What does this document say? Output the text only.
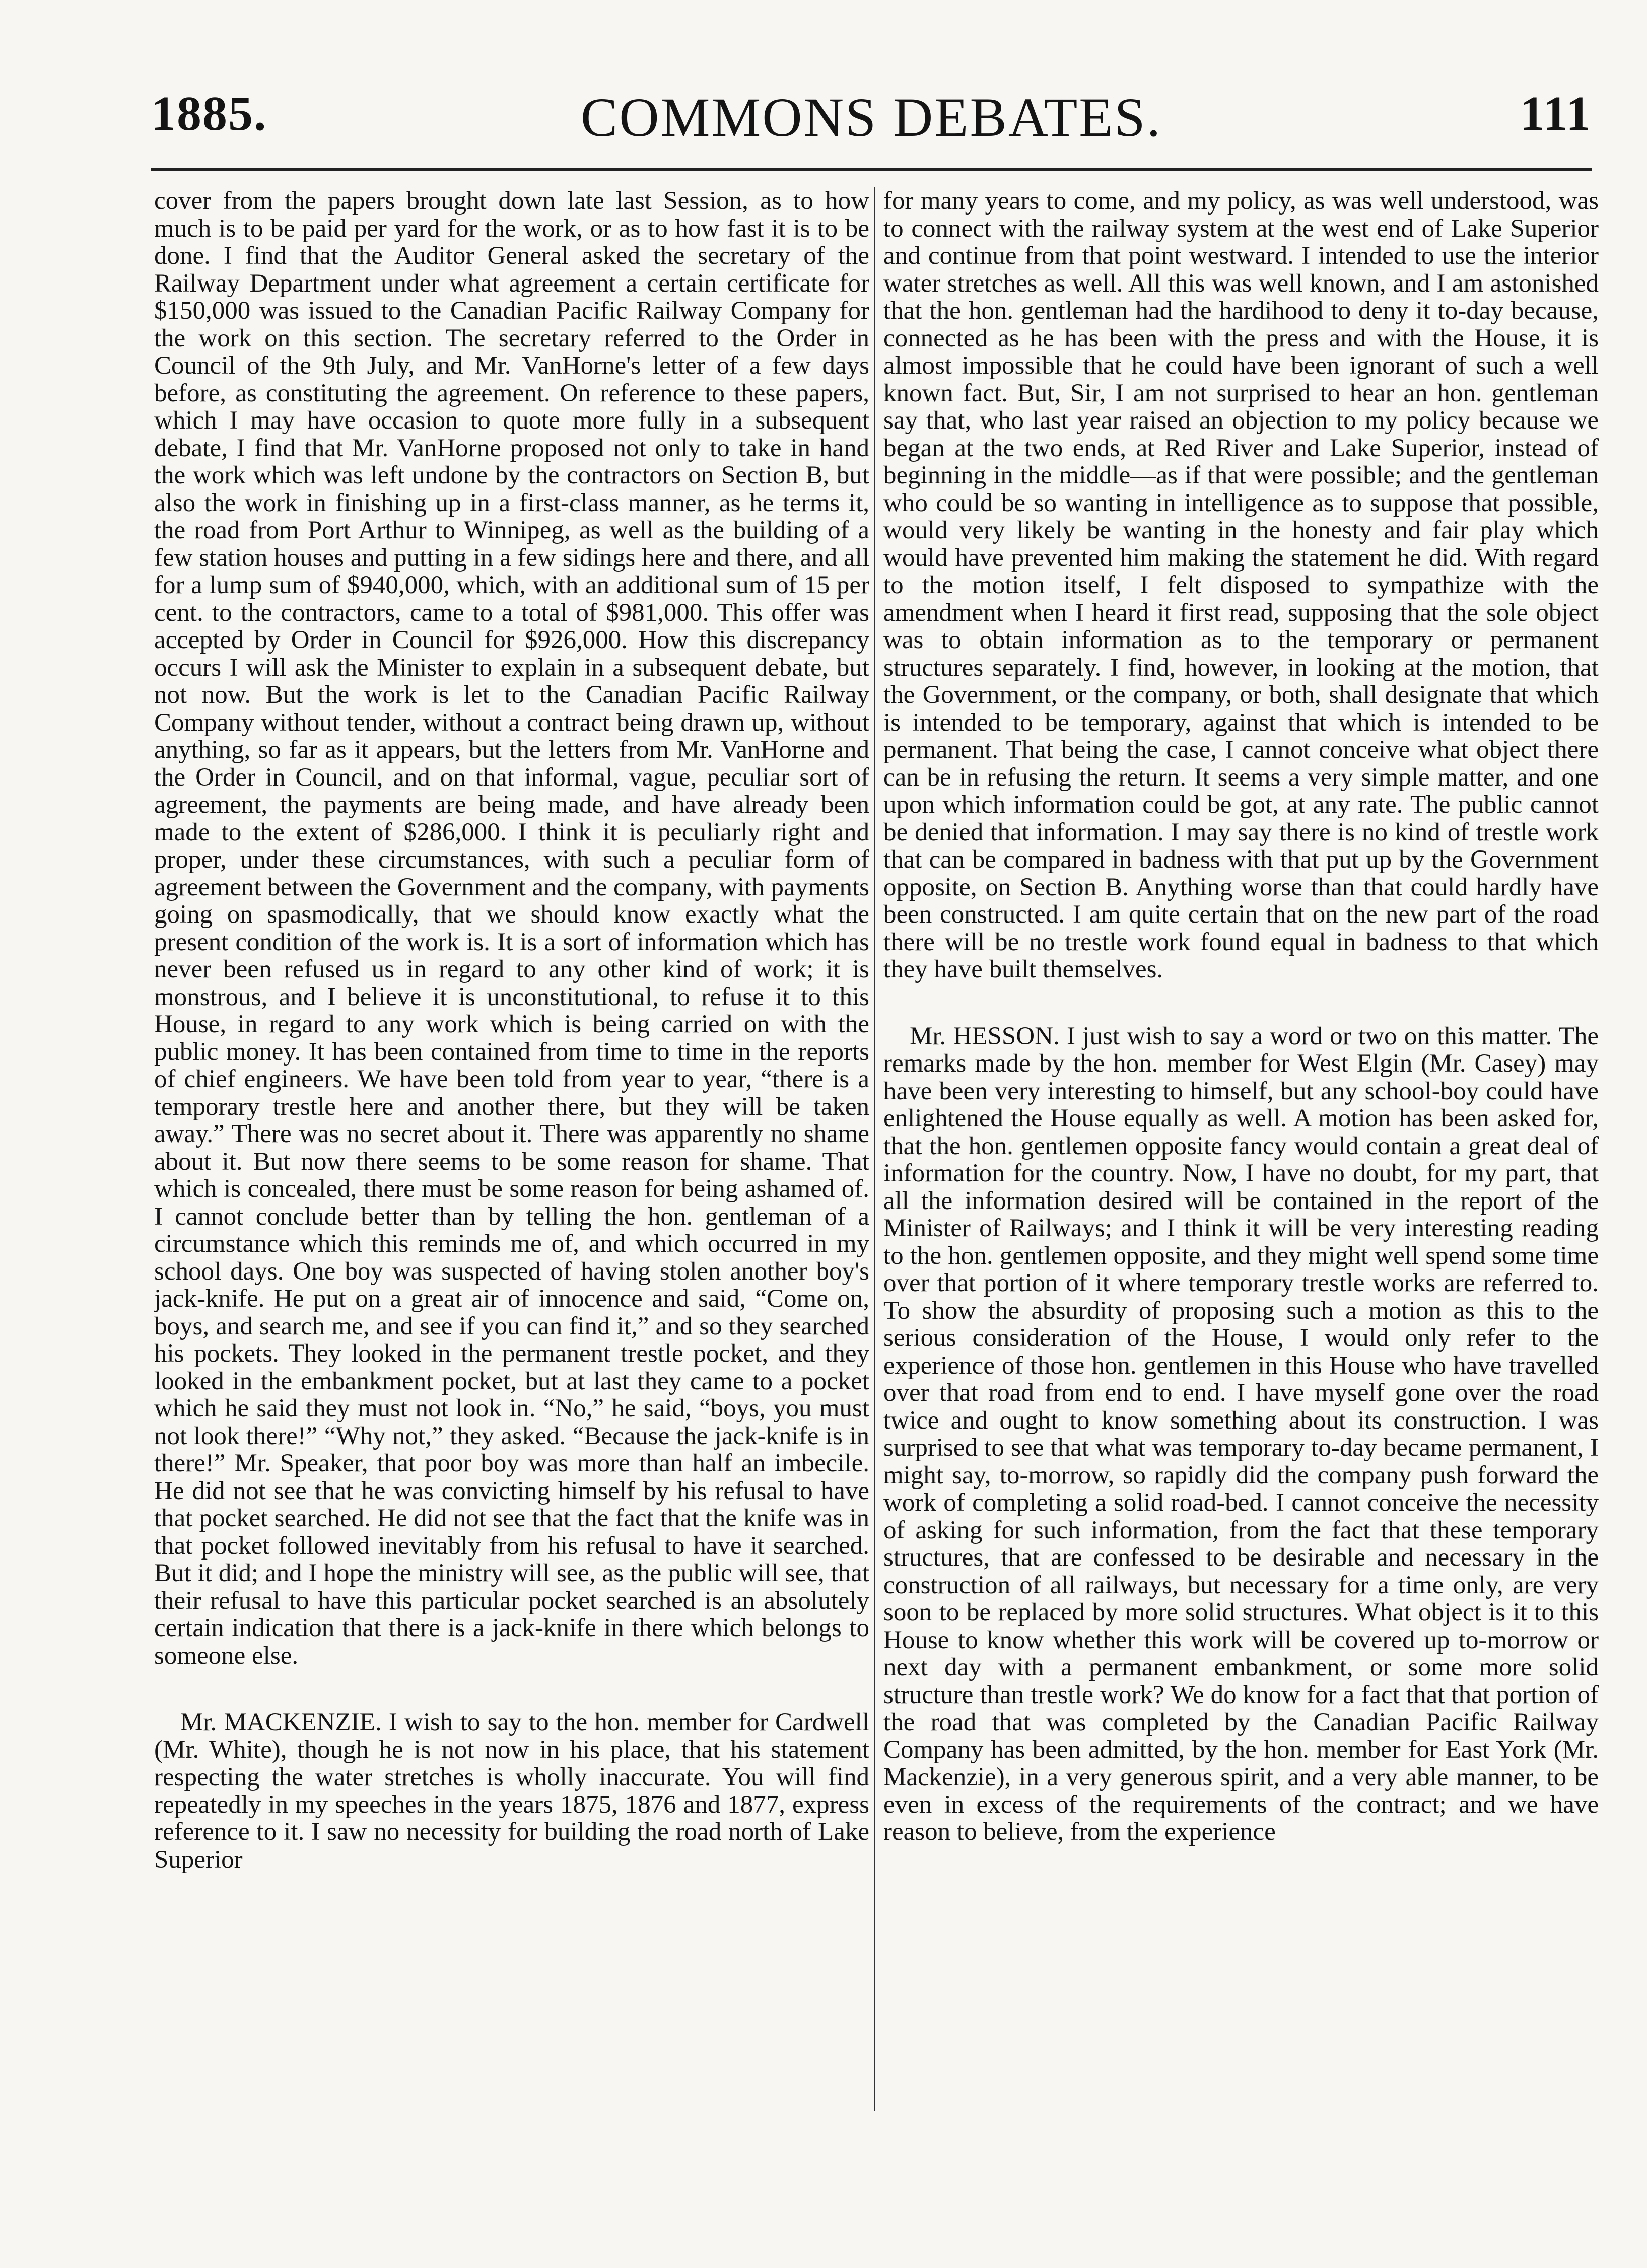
1885.	COMMONS DEBATES.	111

cover from the papers brought down late last Session, as to how much is to be paid per yard for the work, or as to how fast it is to be done. I find that the Auditor General asked the secretary of the Railway Department under what agreement a certain certificate for $150,000 was issued to the Canadian Pacific Railway Company for the work on this section. The secretary referred to the Order in Council of the 9th July, and Mr. VanHorne's letter of a few days before, as constituting the agreement. On reference to these papers, which I may have occasion to quote more fully in a subsequent debate, I find that Mr. VanHorne proposed not only to take in hand the work which was left undone by the contractors on Section B, but also the work in finishing up in a first-class manner, as he terms it, the road from Port Arthur to Winnipeg, as well as the building of a few station houses and putting in a few sidings here and there, and all for a lump sum of $940,000, which, with an additional sum of 15 per cent. to the contractors, came to a total of $981,000. This offer was accepted by Order in Council for $926,000. How this discrepancy occurs I will ask the Minister to explain in a subsequent debate, but not now. But the work is let to the Canadian Pacific Railway Company without tender, without a contract being drawn up, without anything, so far as it appears, but the letters from Mr. VanHorne and the Order in Council, and on that informal, vague, peculiar sort of agreement, the payments are being made, and have already been made to the extent of $286,000. I think it is peculiarly right and proper, under these circumstances, with such a peculiar form of agreement between the Government and the company, with payments going on spasmodically, that we should know exactly what the present condition of the work is. It is a sort of information which has never been refused us in regard to any other kind of work; it is monstrous, and I believe it is unconstitutional, to refuse it to this House, in regard to any work which is being carried on with the public money. It has been contained from time to time in the reports of chief engineers. We have been told from year to year, “there is a temporary trestle here and another there, but they will be taken away.” There was no secret about it. There was apparently no shame about it. But now there seems to be some reason for shame. That which is concealed, there must be some reason for being ashamed of. I cannot conclude better than by telling the hon. gentleman of a circumstance which this reminds me of, and which occurred in my school days. One boy was suspected of having stolen another boy's jack-knife. He put on a great air of innocence and said, “Come on, boys, and search me, and see if you can find it,” and so they searched his pockets. They looked in the permanent trestle pocket, and they looked in the embankment pocket, but at last they came to a pocket which he said they must not look in. “No,” he said, “boys, you must not look there!” “Why not,” they asked. “Because the jack-knife is in there!” Mr. Speaker, that poor boy was more than half an imbecile. He did not see that he was convicting himself by his refusal to have that pocket searched. He did not see that the fact that the knife was in that pocket followed inevitably from his refusal to have it searched. But it did; and I hope the ministry will see, as the public will see, that their refusal to have this particular pocket searched is an absolutely certain indication that there is a jack-knife in there which belongs to someone else.

Mr. MACKENZIE. I wish to say to the hon. member for Cardwell (Mr. White), though he is not now in his place, that his statement respecting the water stretches is wholly inaccurate. You will find repeatedly in my speeches in the years 1875, 1876 and 1877, express reference to it. I saw no necessity for building the road north of Lake Superior

for many years to come, and my policy, as was well understood, was to connect with the railway system at the west end of Lake Superior and continue from that point westward. I intended to use the interior water stretches as well. All this was well known, and I am astonished that the hon. gentleman had the hardihood to deny it to-day because, connected as he has been with the press and with the House, it is almost impossible that he could have been ignorant of such a well known fact. But, Sir, I am not surprised to hear an hon. gentleman say that, who last year raised an objection to my policy because we began at the two ends, at Red River and Lake Superior, instead of beginning in the middle—as if that were possible; and the gentleman who could be so wanting in intelligence as to suppose that possible, would very likely be wanting in the honesty and fair play which would have prevented him making the statement he did. With regard to the motion itself, I felt disposed to sympathize with the amendment when I heard it first read, supposing that the sole object was to obtain information as to the temporary or permanent structures separately. I find, however, in looking at the motion, that the Government, or the company, or both, shall designate that which is intended to be temporary, against that which is intended to be permanent. That being the case, I cannot conceive what object there can be in refusing the return. It seems a very simple matter, and one upon which information could be got, at any rate. The public cannot be denied that information. I may say there is no kind of trestle work that can be compared in badness with that put up by the Government opposite, on Section B. Anything worse than that could hardly have been constructed. I am quite certain that on the new part of the road there will be no trestle work found equal in badness to that which they have built themselves.

Mr. HESSON. I just wish to say a word or two on this matter. The remarks made by the hon. member for West Elgin (Mr. Casey) may have been very interesting to himself, but any school-boy could have enlightened the House equally as well. A motion has been asked for, that the hon. gentlemen opposite fancy would contain a great deal of information for the country. Now, I have no doubt, for my part, that all the information desired will be contained in the report of the Minister of Railways; and I think it will be very interesting reading to the hon. gentlemen opposite, and they might well spend some time over that portion of it where temporary trestle works are referred to. To show the absurdity of proposing such a motion as this to the serious consideration of the House, I would only refer to the experience of those hon. gentlemen in this House who have travelled over that road from end to end. I have myself gone over the road twice and ought to know something about its construction. I was surprised to see that what was temporary to-day became permanent, I might say, to-morrow, so rapidly did the company push forward the work of completing a solid road-bed. I cannot conceive the necessity of asking for such information, from the fact that these temporary structures, that are confessed to be desirable and necessary in the construction of all railways, but necessary for a time only, are very soon to be replaced by more solid structures. What object is it to this House to know whether this work will be covered up to-morrow or next day with a permanent embankment, or some more solid structure than trestle work? We do know for a fact that that portion of the road that was completed by the Canadian Pacific Railway Company has been admitted, by the hon. member for East York (Mr. Mackenzie), in a very generous spirit, and a very able manner, to be even in excess of the requirements of the contract; and we have reason to believe, from the experience
